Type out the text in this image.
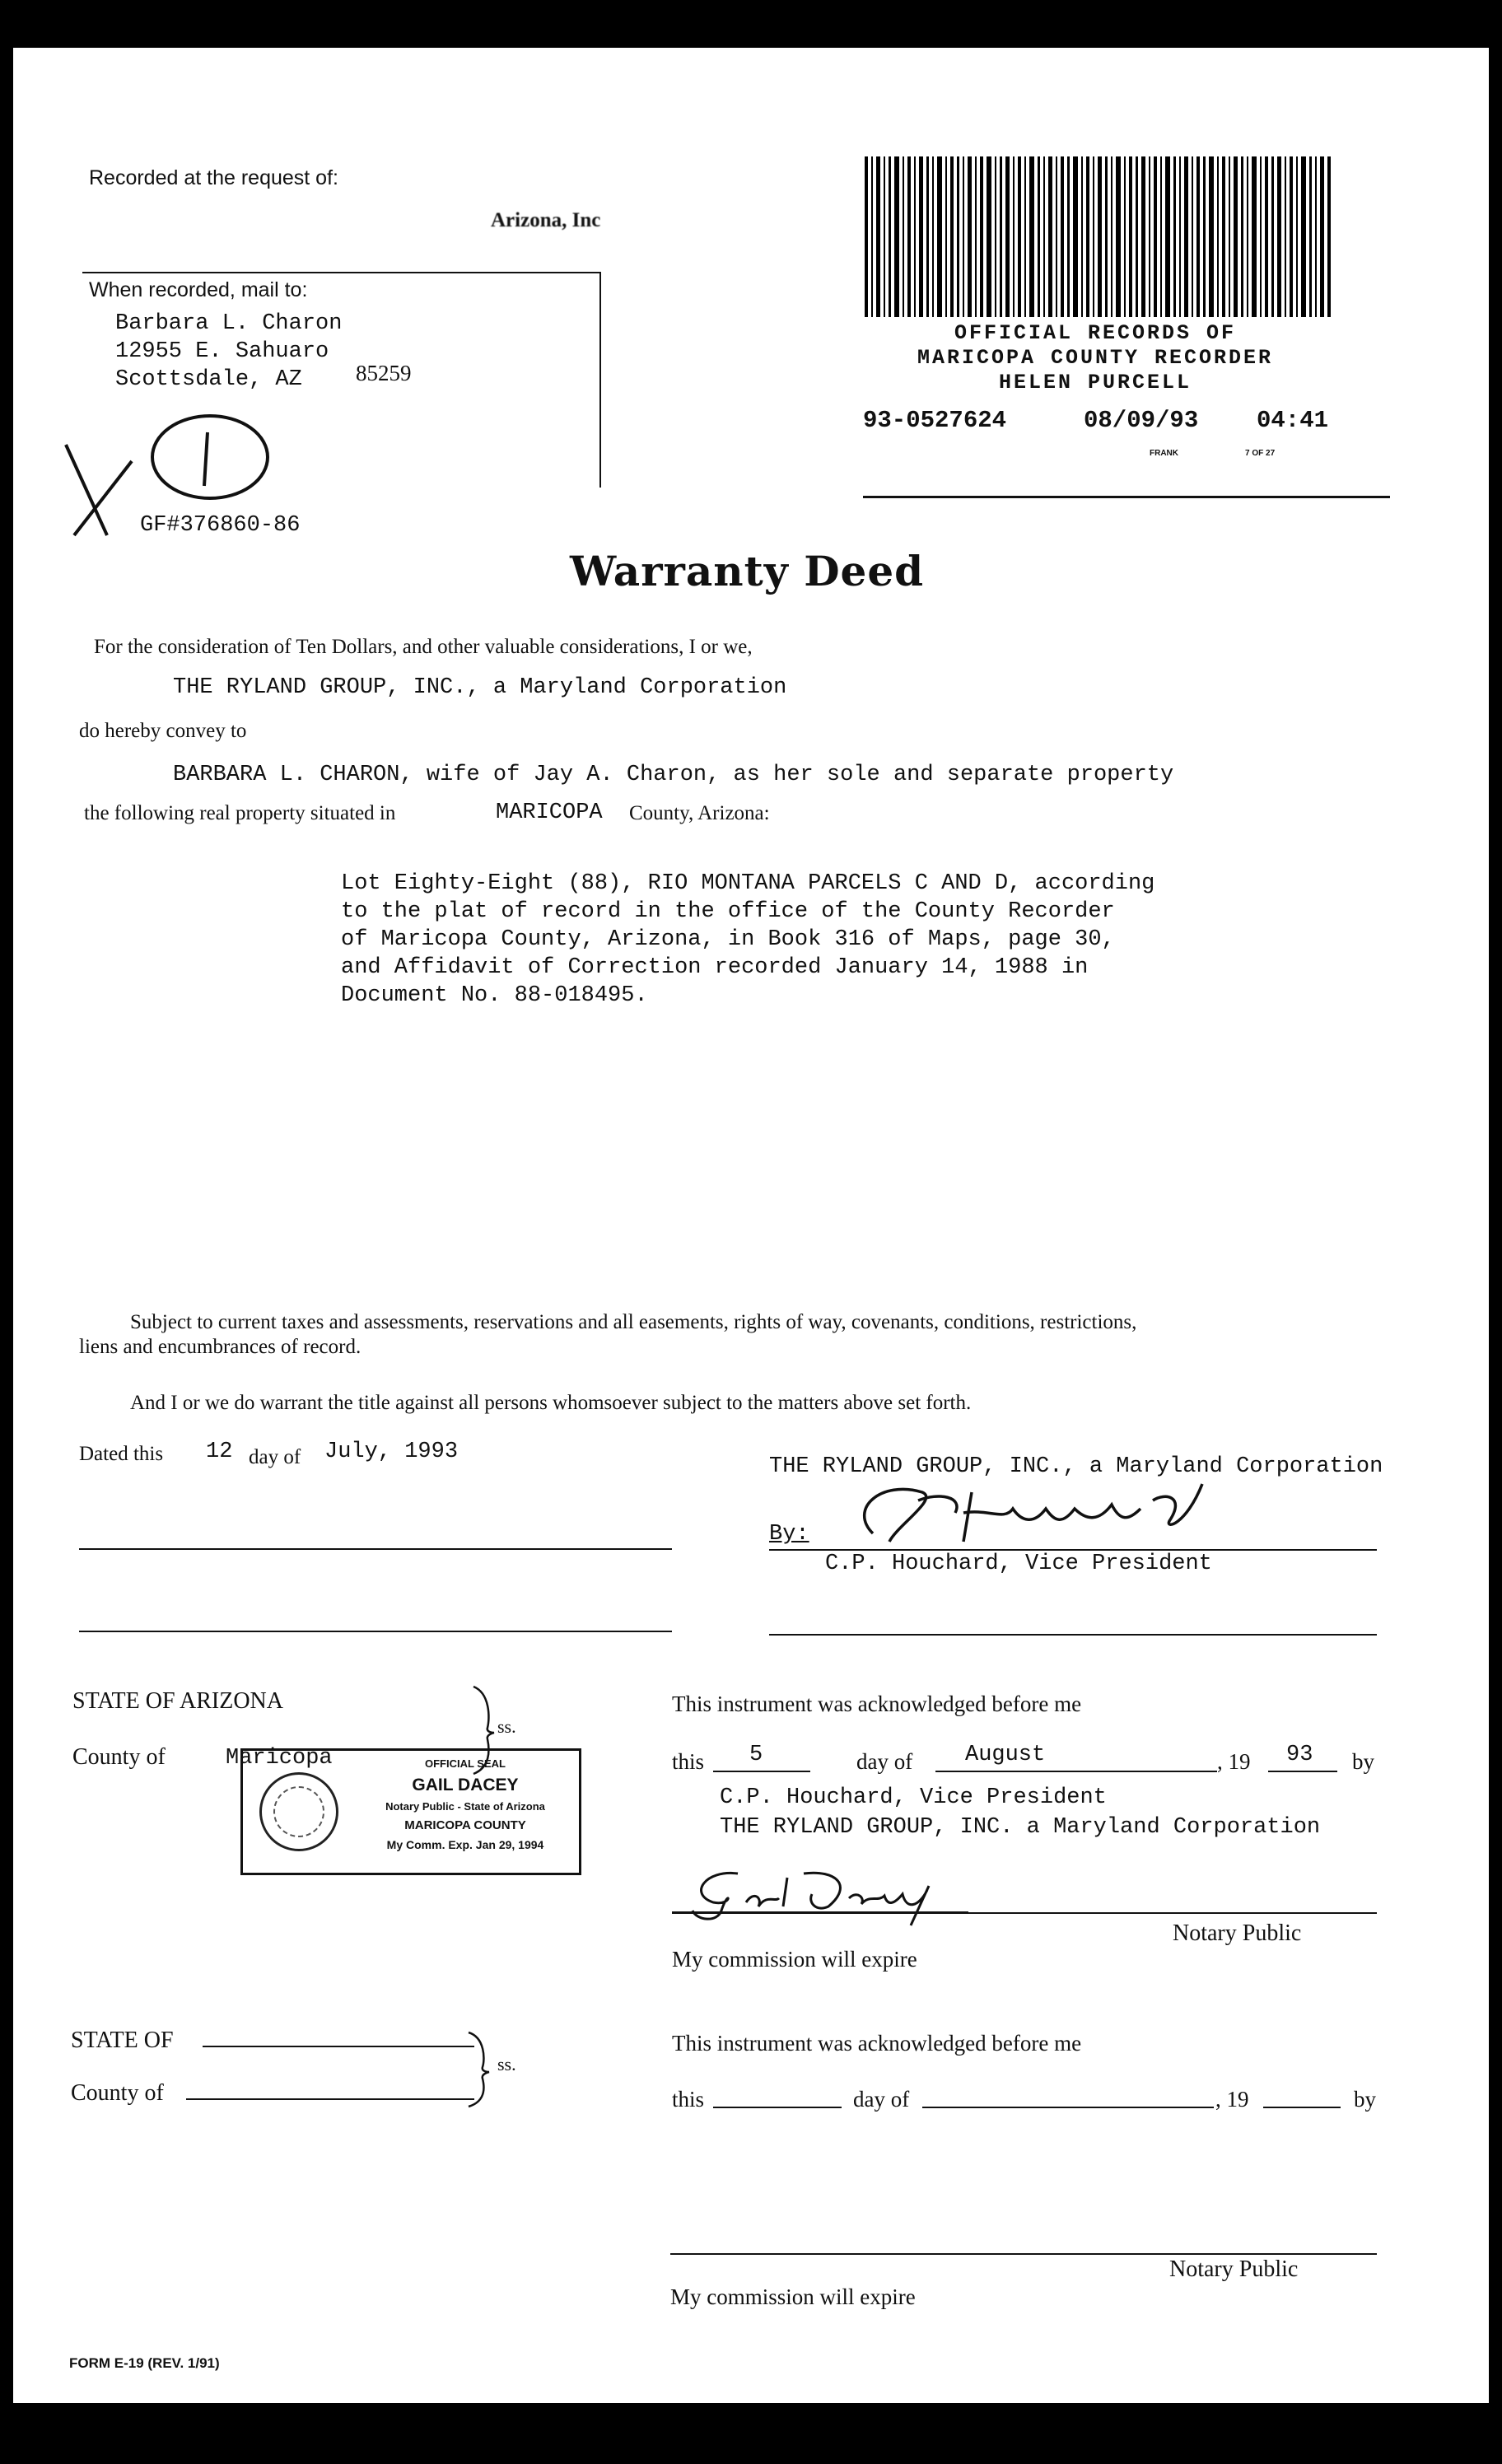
Recorded at the request of:
Arizona, Inc
When recorded, mail to:
Barbara L. Charon
12955 E. Sahuaro
Scottsdale, AZ 85259
GF#376860-86
OFFICIAL RECORDS OF
MARICOPA COUNTY RECORDER
HELEN PURCELL
93-0527624	08/09/93 04:41
FRANK	7 OF 27
Warranty Deed
For the consideration of Ten Dollars, and other valuable considerations, I or we,
THE RYLAND GROUP, INC., a Maryland Corporation
do hereby convey to
BARBARA L. CHARON, wife of Jay A. Charon, as her sole and separate property
the following real property situated in	MARICOPA County, Arizona:
Lot Eighty-Eight (88), RIO MONTANA PARCELS C AND D, according
to the plat of record in the office of the County Recorder
of Maricopa County, Arizona, in Book 316 of Maps, page 30,
and Affidavit of Correction recorded January 14, 1988 in
Document No. 88-018495.
Subject to current taxes and assessments, reservations and all easements, rights of way, covenants, conditions, restrictions,
liens and encumbrances of record.
And I or we do warrant the title against all persons whomsoever subject to the matters above set forth.
Dated this 12 day of July, 1993
THE RYLAND GROUP, INC., a Maryland Corporation
By:
C.P. Houchard, Vice President
STATE OF ARIZONA
County of	Maricopa
ss.
OFFICIAL SEAL
GAIL DACEY
Notary Public - State of Arizona
MARICOPA COUNTY
My Comm. Exp. Jan 29, 1994
This instrument was acknowledged before me
this 5	day of August	, 19 93 by
C.P. Houchard, Vice President
THE RYLAND GROUP, INC. a Maryland Corporation
Notary Public
My commission will expire
STATE OF
County of
ss.
This instrument was acknowledged before me
this	day of	, 19	by
Notary Public
My commission will expire
FORM E-19 (REV. 1/91)
